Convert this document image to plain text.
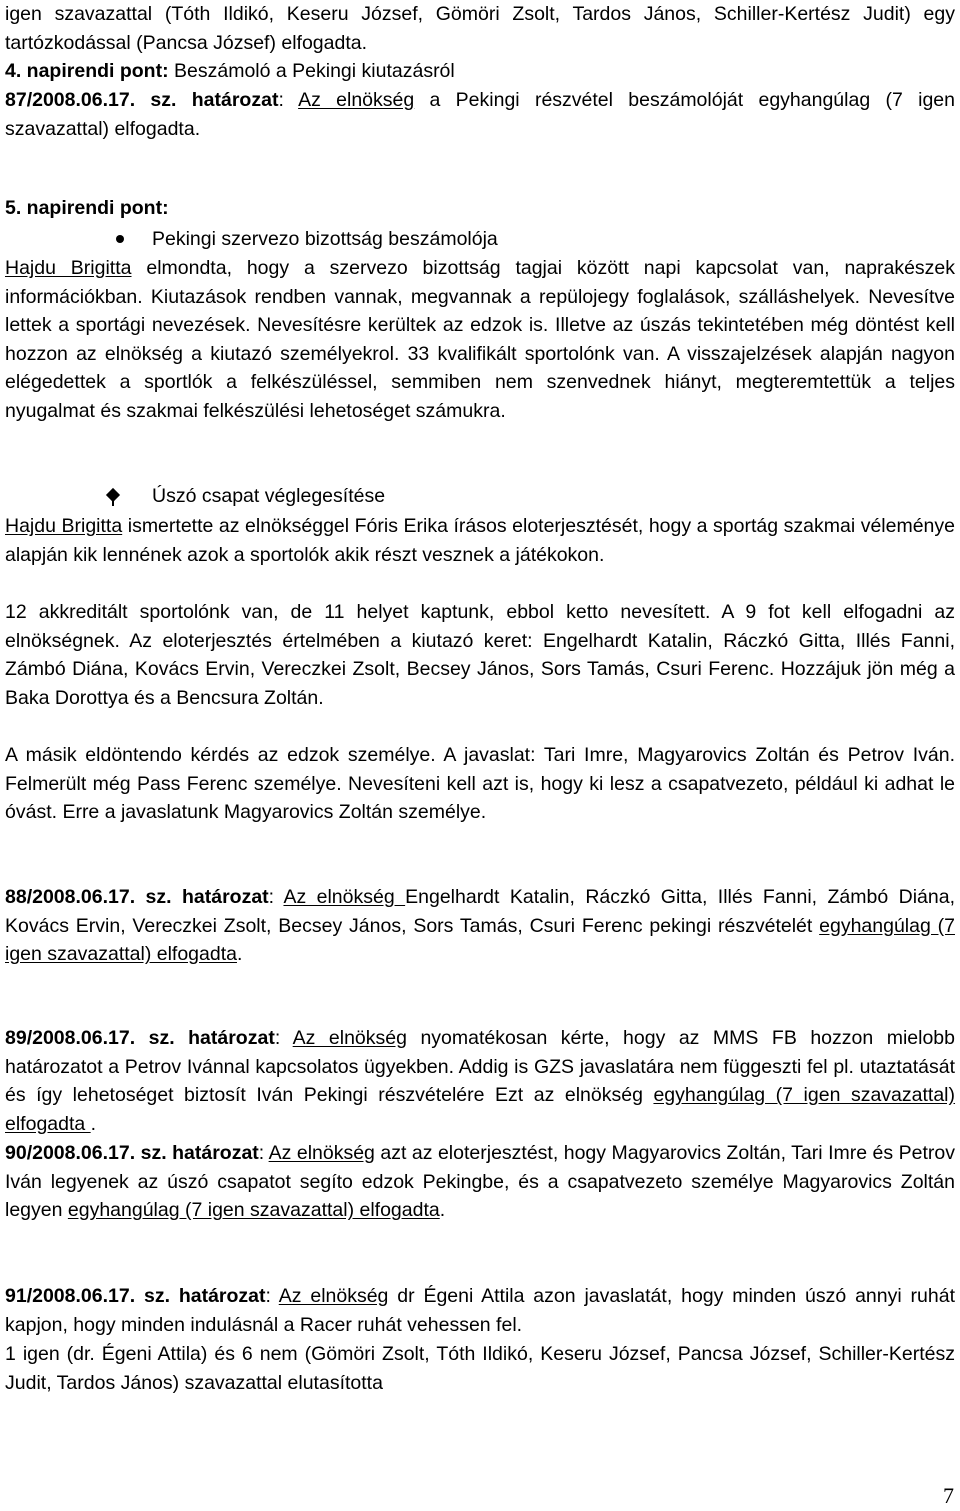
igen szavazattal (Tóth Ildikó, Keseru József, Gömöri Zsolt, Tardos János, Schiller-Kertész Judit) egy tartózkodással (Pancsa József) elfogadta.

4. napirendi pont: Beszámoló a Pekingi kiutazásról

87/2008.06.17. sz. határozat: Az elnökség a Pekingi részvétel beszámolóját egyhangúlag (7 igen szavazattal) elfogadta.

5. napirendi pont:

Pekingi szervezo bizottság beszámolója

Hajdu Brigitta elmondta, hogy a szervezo bizottság tagjai között napi kapcsolat van, naprakészek információkban. Kiutazások rendben vannak, megvannak a repülojegy foglalások, szálláshelyek. Nevesítve lettek a sportági nevezések. Nevesítésre kerültek az edzok is. Illetve az úszás tekintetében még döntést kell hozzon az elnökség a kiutazó személyekrol. 33 kvalifikált sportolónk van. A visszajelzések alapján nagyon elégedettek a sportlók a felkészüléssel, semmiben nem szenvednek hiányt, megteremtettük a teljes nyugalmat és szakmai felkészülési lehetoséget számukra.

Úszó csapat véglegesítése

Hajdu Brigitta ismertette az elnökséggel Fóris Erika írásos eloterjesztését, hogy a sportág szakmai véleménye alapján kik lennének azok a sportolók akik részt vesznek a játékokon.

12 akkreditált sportolónk van, de 11 helyet kaptunk, ebbol ketto nevesített. A 9 fot kell elfogadni az elnökségnek. Az eloterjesztés értelmében a kiutazó keret: Engelhardt Katalin, Ráczkó Gitta, Illés Fanni, Zámbó Diána, Kovács Ervin, Vereczkei Zsolt, Becsey János, Sors Tamás, Csuri Ferenc. Hozzájuk jön még a Baka Dorottya és a Bencsura Zoltán.

A másik eldöntendo kérdés az edzok személye. A javaslat: Tari Imre, Magyarovics Zoltán és Petrov Iván. Felmerült még Pass Ferenc személye. Nevesíteni kell azt is, hogy ki lesz a csapatvezeto, például ki adhat le óvást. Erre a javaslatunk Magyarovics Zoltán személye.

88/2008.06.17. sz. határozat: Az elnökség Engelhardt Katalin, Ráczkó Gitta, Illés Fanni, Zámbó Diána, Kovács Ervin, Vereczkei Zsolt, Becsey János, Sors Tamás, Csuri Ferenc pekingi részvételét egyhangúlag (7 igen szavazattal) elfogadta.

89/2008.06.17. sz. határozat: Az elnökség nyomatékosan kérte, hogy az MMS FB hozzon mielobb határozatot a Petrov Ivánnal kapcsolatos ügyekben. Addig is GZS javaslatára nem függeszti fel pl. utaztatását és így lehetoséget biztosít Iván Pekingi részvételére Ezt az elnökség egyhangúlag (7 igen szavazattal) elfogadta .

90/2008.06.17. sz. határozat: Az elnökség azt az eloterjesztést, hogy Magyarovics Zoltán, Tari Imre és Petrov Iván legyenek az úszó csapatot segíto edzok Pekingbe, és a csapatvezeto személye Magyarovics Zoltán legyen egyhangúlag (7 igen szavazattal) elfogadta.

91/2008.06.17. sz. határozat: Az elnökség dr Égeni Attila azon javaslatát, hogy minden úszó annyi ruhát kapjon, hogy minden indulásnál a Racer ruhát vehessen fel.

1 igen (dr. Égeni Attila) és 6 nem (Gömöri Zsolt, Tóth Ildikó, Keseru József, Pancsa József, Schiller-Kertész Judit, Tardos János) szavazattal elutasította

7
